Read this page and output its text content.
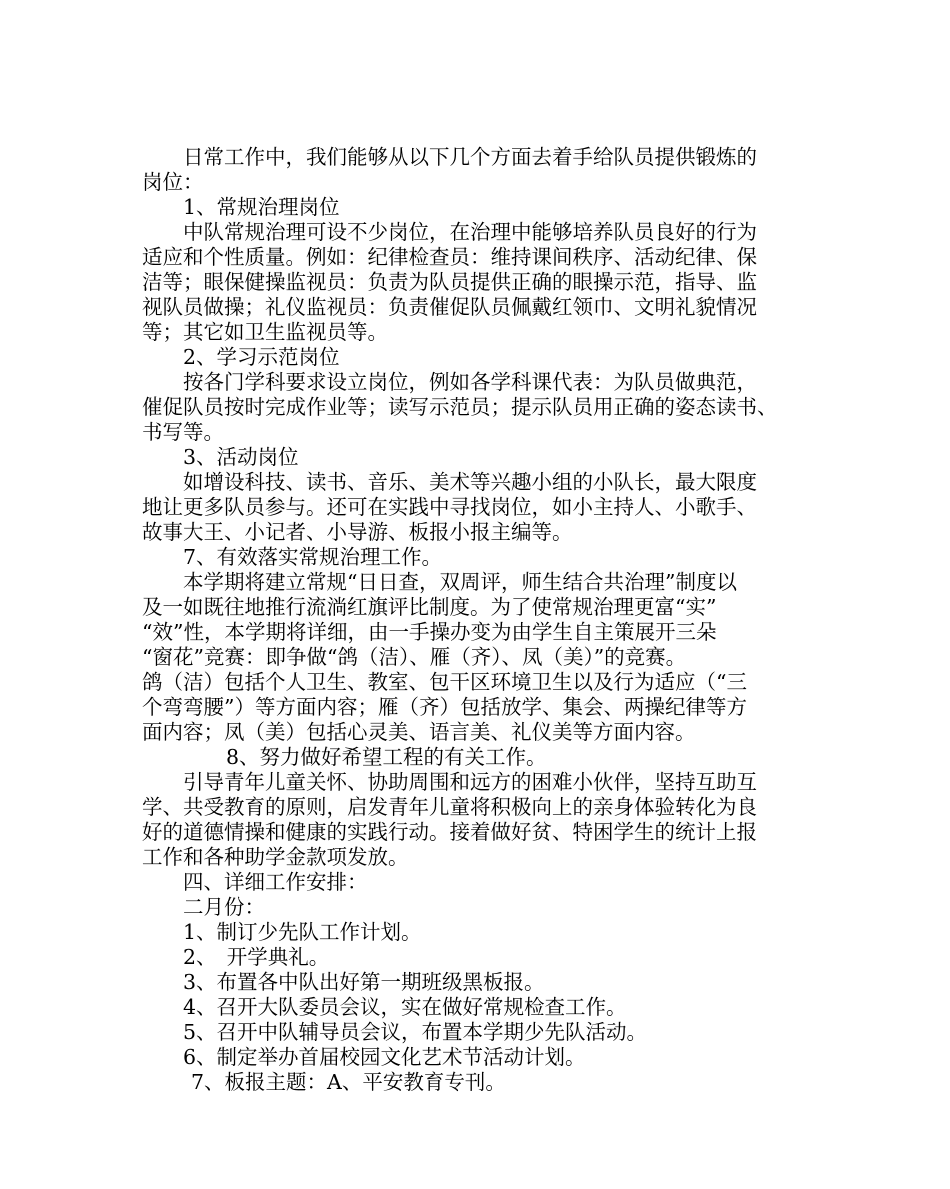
日常工作中，我们能够从以下几个方面去着手给队员提供锻炼的
岗位：
1、常规治理岗位
中队常规治理可设不少岗位，在治理中能够培养队员良好的行为
适应和个性质量。例如：纪律检查员：维持课间秩序、活动纪律、保
洁等；眼保健操监视员：负责为队员提供正确的眼操示范，指导、监
视队员做操；礼仪监视员：负责催促队员佩戴红领巾、文明礼貌情况
等；其它如卫生监视员等。
2、学习示范岗位
按各门学科要求设立岗位，例如各学科课代表：为队员做典范，
催促队员按时完成作业等；读写示范员；提示队员用正确的姿态读书、
书写等。
3、活动岗位
如增设科技、读书、音乐、美术等兴趣小组的小队长，最大限度
地让更多队员参与。还可在实践中寻找岗位，如小主持人、小歌手、
故事大王、小记者、小导游、板报小报主编等。
7、有效落实常规治理工作。
本学期将建立常规“日日查，双周评，师生结合共治理”制度以
及一如既往地推行流淌红旗评比制度。为了使常规治理更富“实”
“效”性，本学期将详细，由一手操办变为由学生自主策展开三朵
“窗花”竞赛：即争做“鸽（洁）、雁（齐）、凤（美）”的竞赛。
鸽（洁）包括个人卫生、教室、包干区环境卫生以及行为适应（“三
个弯弯腰”）等方面内容；雁（齐）包括放学、集会、两操纪律等方
面内容；凤（美）包括心灵美、语言美、礼仪美等方面内容。
8、努力做好希望工程的有关工作。
引导青年儿童关怀、协助周围和远方的困难小伙伴，坚持互助互
学、共受教育的原则，启发青年儿童将积极向上的亲身体验转化为良
好的道德情操和健康的实践行动。接着做好贫、特困学生的统计上报
工作和各种助学金款项发放。
四、详细工作安排：
二月份：
1、制订少先队工作计划。
2、　开学典礼。
3、布置各中队出好第一期班级黑板报。
4、召开大队委员会议，实在做好常规检查工作。
5、召开中队辅导员会议，布置本学期少先队活动。
6、制定举办首届校园文化艺术节活动计划。
7、板报主题：A、平安教育专刊。
